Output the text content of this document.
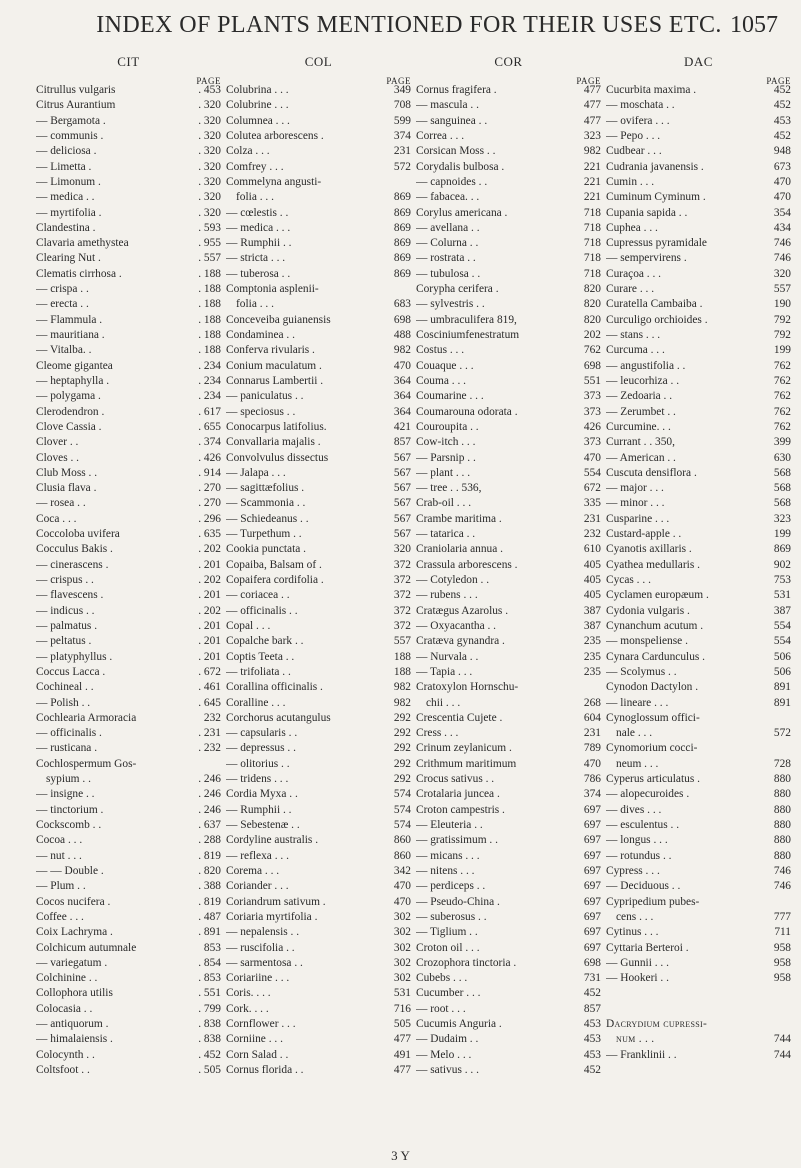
INDEX OF PLANTS MENTIONED FOR THEIR USES ETC. 1057
CIT
PAGE
Citrullus vulgaris	. 453
Citrus Aurantium	. 320
— Bergamota .	. 320
— communis .	. 320
— deliciosa .	. 320
— Limetta .	. 320
— Limonum .	. 320
— medica . .	. 320
— myrtifolia .	. 320
Clandestina .	. 593
Clavaria amethystea	. 955
Clearing Nut .	. 557
Clematis cirrhosa .	. 188
— crispa . .	. 188
— erecta . .	. 188
— Flammula .	. 188
— mauritiana .	. 188
— Vitalba. .	. 188
Cleome gigantea	. 234
— heptaphylla .	. 234
— polygama .	. 234
Clerodendron .	. 617
Clove Cassia .	. 655
Clover . .	. 374
Cloves . .	. 426
Club Moss . .	. 914
Clusia flava .	. 270
— rosea . .	. 270
Coca . . .	. 296
Coccoloba uvifera	. 635
Cocculus Bakis .	. 202
— cinerascens .	. 201
— crispus . .	. 202
— flavescens .	. 201
— indicus . .	. 202
— palmatus .	. 201
— peltatus .	. 201
— platyphyllus .	. 201
Coccus Lacca .	. 672
Cochineal . .	. 461
— Polish . .	. 645
Cochlearia Armoracia	232
— officinalis .	. 231
— rusticana .	. 232
Cochlospermum Gos-
sypium . .	. 246
— insigne . .	. 246
— tinctorium .	. 246
Cockscomb . .	. 637
Cocoa . . .	. 288
— nut . . .	. 819
— — Double .	. 820
— Plum . .	. 388
Cocos nucifera .	. 819
Coffee . . .	. 487
Coix Lachryma .	. 891
Colchicum autumnale	853
— variegatum .	. 854
Colchinine . .	. 853
Collophora utilis	. 551
Colocasia . .	. 799
— antiquorum .	. 838
— himalaiensis .	. 838
Colocynth . .	. 452
Coltsfoot . .	. 505
COL
PAGE
Colubrina . . .	349
Colubrine . . .	708
Columnea . . .	599
Colutea arborescens .	374
Colza . . .	231
Comfrey . . .	572
Commelyna angusti-
folia . . .	869
— cœlestis . .	869
— medica . . .	869
— Rumphii . .	869
— stricta . . .	869
— tuberosa . .	869
Comptonia asplenii-
folia . . .	683
Conceveiba guianensis	698
Condaminea . .	488
Conferva rivularis .	982
Conium maculatum .	470
Connarus Lambertii .	364
— paniculatus . .	364
— speciosus . .	364
Conocarpus latifolius.	421
Convallaria majalis .	857
Convolvulus dissectus	567
— Jalapa . . .	567
— sagittæfolius .	567
— Scammonia . .	567
— Schiedeanus . .	567
— Turpethum . .	567
Cookia punctata .	320
Copaiba, Balsam of .	372
Copaifera cordifolia .	372
— coriacea . .	372
— officinalis . .	372
Copal . . .	372
Copalche bark . .	557
Coptis Teeta . .	188
— trifoliata . .	188
Corallina officinalis .	982
Coralline . . .	982
Corchorus acutangulus	292
— capsularis . .	292
— depressus . .	292
— olitorius . .	292
— tridens . . .	292
Cordia Myxa . .	574
— Rumphii . .	574
— Sebestenæ . .	574
Cordyline australis .	860
— reflexa . . .	860
Corema . . .	342
Coriander . . .	470
Coriandrum sativum .	470
Coriaria myrtifolia .	302
— nepalensis . .	302
— ruscifolia . .	302
— sarmentosa . .	302
Coriariine . . .	302
Coris. . . .	531
Cork. . . .	716
Cornflower . . .	505
Corniine . . .	477
Corn Salad . .	491
Cornus florida . .	477
COR
PAGE
Cornus fragifera .	477
— mascula . .	477
— sanguinea . .	477
Correa . . .	323
Corsican Moss . .	982
Corydalis bulbosa .	221
— capnoides . .	221
— fabacea. . .	221
Corylus americana .	718
— avellana . .	718
— Colurna . .	718
— rostrata . .	718
— tubulosa . .	718
Corypha cerifera .	820
— sylvestris . .	820
— umbraculifera 819,	820
Cosciniumfenestratum	202
Costus . . .	762
Couaque . . .	698
Couma . . .	551
Coumarine . . .	373
Coumarouna odorata .	373
Couroupita . .	426
Cow-itch . . .	373
— Parsnip . .	470
— plant . . .	554
— tree . . 536,	672
Crab-oil . . .	335
Crambe maritima .	231
— tatarica . .	232
Craniolaria annua .	610
Crassula arborescens .	405
— Cotyledon . .	405
— rubens . . .	405
Cratægus Azarolus .	387
— Oxyacantha . .	387
Cratæva gynandra .	235
— Nurvala . .	235
— Tapia . . .	235
Cratoxylon Hornschu-
chii . . .	268
Crescentia Cujete .	604
Cress . . .	231
Crinum zeylanicum .	789
Crithmum maritimum	470
Crocus sativus . .	786
Crotalaria juncea .	374
Croton campestris .	697
— Eleuteria . .	697
— gratissimum . .	697
— micans . . .	697
— nitens . . .	697
— perdiceps . .	697
— Pseudo-China .	697
— suberosus . .	697
— Tiglium . .	697
Croton oil . . .	697
Crozophora tinctoria .	698
Cubebs . . .	731
Cucumber . . .	452
— root . . .	857
Cucumis Anguria .	453
— Dudaim . .	453
— Melo . . .	453
— sativus . . .	452
DAC
PAGE
Cucurbita maxima .	452
— moschata . .	452
— ovifera . . .	453
— Pepo . . .	452
Cudbear . . .	948
Cudrania javanensis .	673
Cumin . . .	470
Cuminum Cyminum .	470
Cupania sapida . .	354
Cuphea . . .	434
Cupressus pyramidale	746
— sempervirens .	746
Curaçoa . . .	320
Curare . . .	557
Curatella Cambaiba .	190
Curculigo orchioides .	792
— stans . . .	792
Curcuma . . .	199
— angustifolia . .	762
— leucorhiza . .	762
— Zedoaria . .	762
— Zerumbet . .	762
Curcumine. . .	762
Currant . . 350,	399
— American . .	630
Cuscuta densiflora .	568
— major . . .	568
— minor . . .	568
Cusparine . . .	323
Custard-apple . .	199
Cyanotis axillaris .	869
Cyathea medullaris .	902
Cycas . . .	753
Cyclamen europæum .	531
Cydonia vulgaris .	387
Cynanchum acutum .	554
— monspeliense .	554
Cynara Cardunculus .	506
— Scolymus . .	506
Cynodon Dactylon .	891
— lineare . . .	891
Cynoglossum offici-
nale . . .	572
Cynomorium cocci-
neum . . .	728
Cyperus articulatus .	880
— alopecuroides .	880
— dives . . .	880
— esculentus . .	880
— longus . . .	880
— rotundus . .	880
Cypress . . .	746
— Deciduous . .	746
Cypripedium pubes-
cens . . .	777
Cytinus . . .	711
Cyttaria Berteroi .	958
— Gunnii . . .	958
— Hookeri . .	958
Dacrydium cupressi-
num . . .	744
— Franklinii . .	744
3 Y
